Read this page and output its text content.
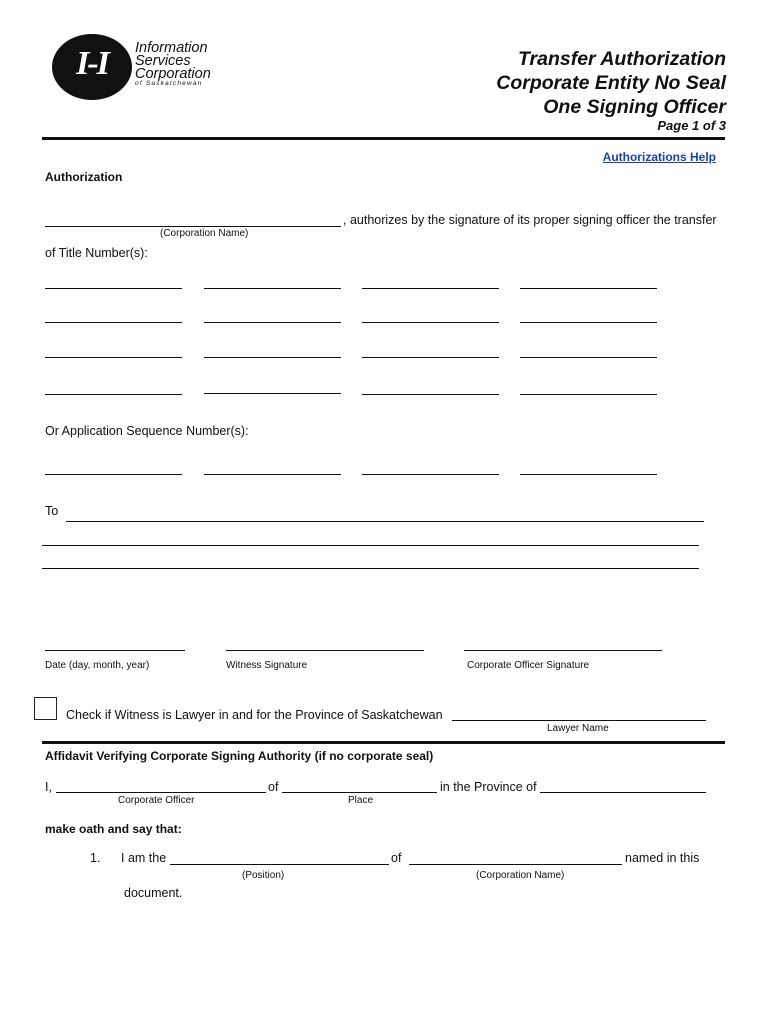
I-I	Information
Services
Corporation
of Saskatchewan
Transfer Authorization
Corporate Entity No Seal
One Signing Officer
Page 1 of 3
Authorizations Help
Authorization
, authorizes by the signature of its proper signing officer the transfer
(Corporation Name)
of Title Number(s):
Or Application Sequence Number(s):
To
Date (day, month, year)	Witness Signature	Corporate Officer Signature
Check if Witness is Lawyer in and for the Province of Saskatchewan
Lawyer Name
Affidavit Verifying Corporate Signing Authority (if no corporate seal)
I,	of	in the Province of
Corporate Officer	Place
make oath and say that:
1. I am the	of	named in this
(Position)	(Corporation Name)
document.
